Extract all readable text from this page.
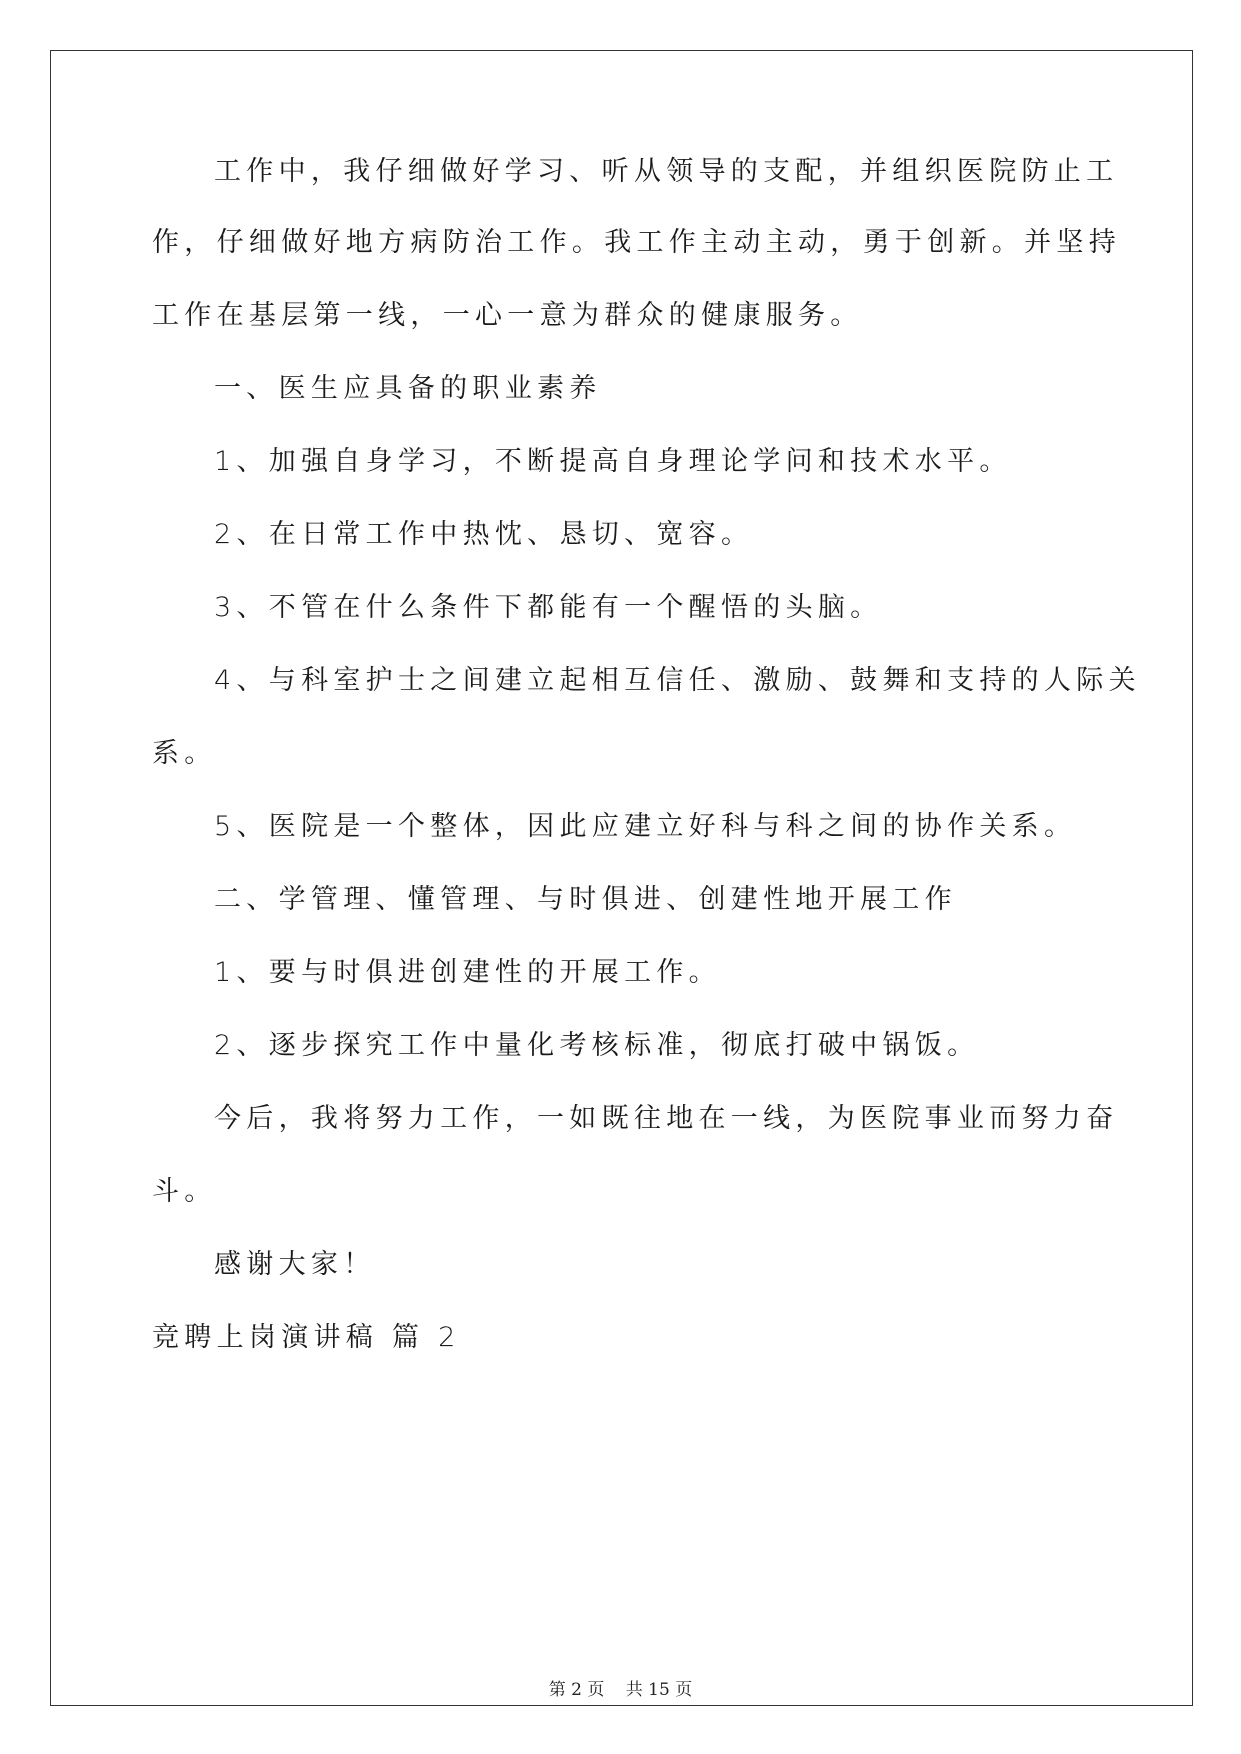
工作中，我仔细做好学习、听从领导的支配，并组织医院防止工
作，仔细做好地方病防治工作。我工作主动主动，勇于创新。并坚持
工作在基层第一线，一心一意为群众的健康服务。
一、医生应具备的职业素养
1、加强自身学习，不断提高自身理论学问和技术水平。
2、在日常工作中热忱、恳切、宽容。
3、不管在什么条件下都能有一个醒悟的头脑。
4、与科室护士之间建立起相互信任、激励、鼓舞和支持的人际关
系。
5、医院是一个整体，因此应建立好科与科之间的协作关系。
二、学管理、懂管理、与时俱进、创建性地开展工作
1、要与时俱进创建性的开展工作。
2、逐步探究工作中量化考核标准，彻底打破中锅饭。
今后，我将努力工作，一如既往地在一线，为医院事业而努力奋
斗。
感谢大家！
竞聘上岗演讲稿 篇 2
第 2 页 共 15 页
